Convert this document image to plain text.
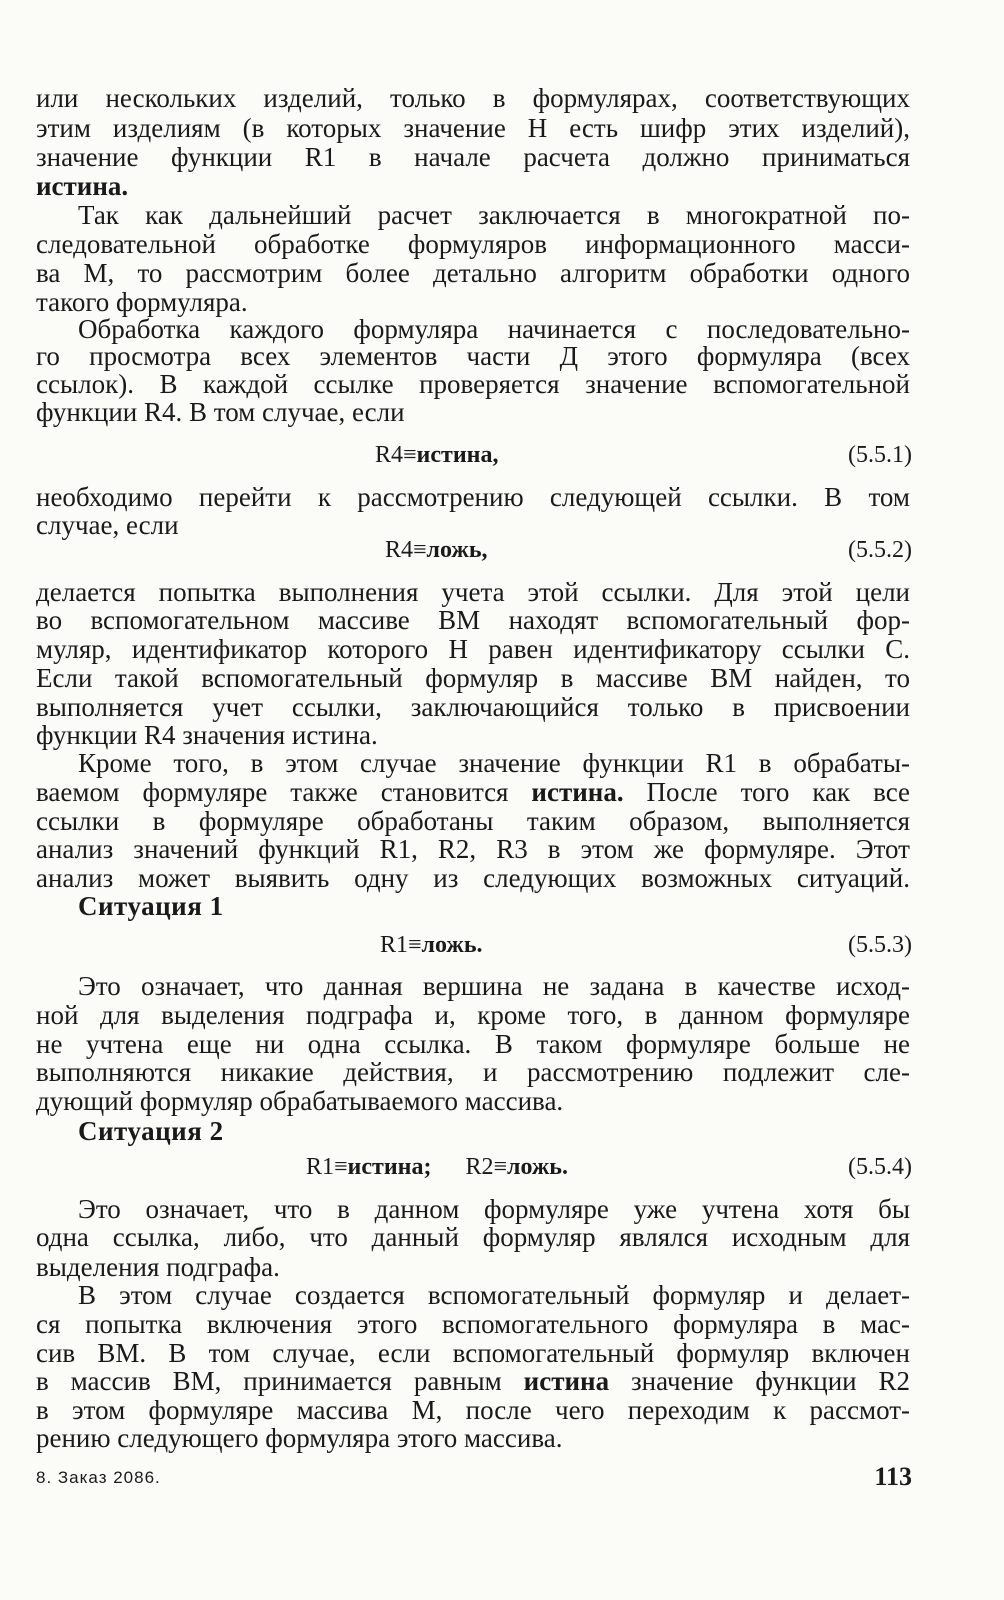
или нескольких изделий, только в формулярах, соответствующих
этим изделиям (в которых значение Н есть шифр этих изделий),
значение функции R1 в начале расчета должно приниматься
истина.
Так как дальнейший расчет заключается в многократной по-
следовательной обработке формуляров информационного масси-
ва М, то рассмотрим более детально алгоритм обработки одного
такого формуляра.
Обработка каждого формуляра начинается с последовательно-
го просмотра всех элементов части Д этого формуляра (всех
ссылок). В каждой ссылке проверяется значение вспомогательной
функции R4. В том случае, если
R4≡истина,	(5.5.1)
необходимо перейти к рассмотрению следующей ссылки. В том
случае, если
R4≡ложь,	(5.5.2)
делается попытка выполнения учета этой ссылки. Для этой цели
во вспомогательном массиве ВМ находят вспомогательный фор-
муляр, идентификатор которого Н равен идентификатору ссылки С.
Если такой вспомогательный формуляр в массиве ВМ найден, то
выполняется учет ссылки, заключающийся только в присвоении
функции R4 значения истина.
Кроме того, в этом случае значение функции R1 в обрабаты-
ваемом формуляре также становится истина. После того как все
ссылки в формуляре обработаны таким образом, выполняется
анализ значений функций R1, R2, R3 в этом же формуляре. Этот
анализ может выявить одну из следующих возможных ситуаций.
Ситуация 1
R1≡ложь.	(5.5.3)
Это означает, что данная вершина не задана в качестве исход-
ной для выделения подграфа и, кроме того, в данном формуляре
не учтена еще ни одна ссылка. В таком формуляре больше не
выполняются никакие действия, и рассмотрению подлежит сле-
дующий формуляр обрабатываемого массива.
Ситуация 2
R1≡истина; R2≡ложь.	(5.5.4)
Это означает, что в данном формуляре уже учтена хотя бы
одна ссылка, либо, что данный формуляр являлся исходным для
выделения подграфа.
В этом случае создается вспомогательный формуляр и делает-
ся попытка включения этого вспомогательного формуляра в мас-
сив ВМ. В том случае, если вспомогательный формуляр включен
в массив ВМ, принимается равным истина значение функции R2
в этом формуляре массива М, после чего переходим к рассмот-
рению следующего формуляра этого массива.
8. Заказ 2086.	113
